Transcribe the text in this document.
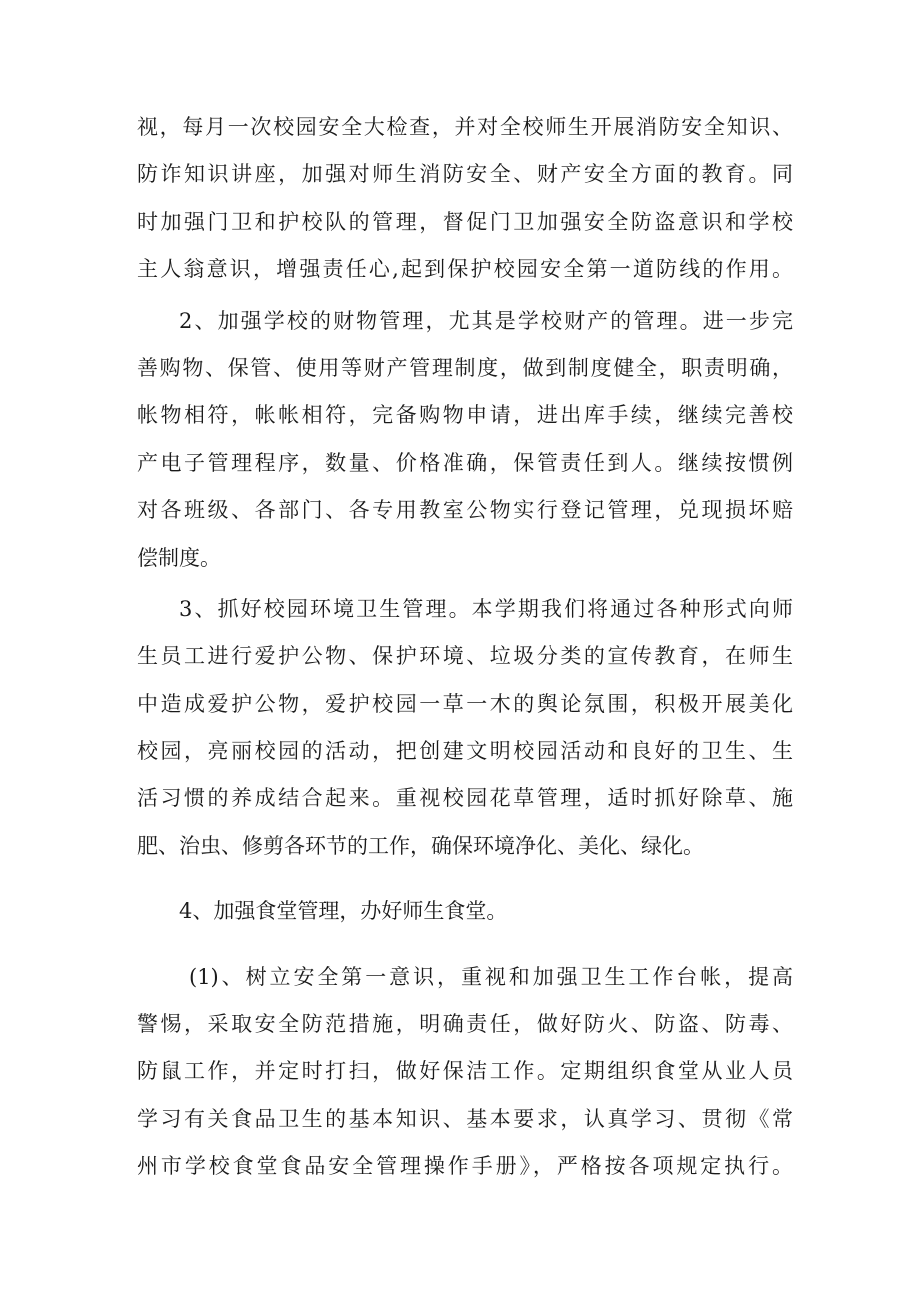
视，每月一次校园安全大检查，并对全校师生开展消防安全知识、
防诈知识讲座，加强对师生消防安全、财产安全方面的教育。同
时加强门卫和护校队的管理，督促门卫加强安全防盗意识和学校
主人翁意识，增强责任心,起到保护校园安全第一道防线的作用。
2、加强学校的财物管理，尤其是学校财产的管理。进一步完
善购物、保管、使用等财产管理制度，做到制度健全，职责明确，
帐物相符，帐帐相符，完备购物申请，进出库手续，继续完善校
产电子管理程序，数量、价格准确，保管责任到人。继续按惯例
对各班级、各部门、各专用教室公物实行登记管理，兑现损坏赔
偿制度。
3、抓好校园环境卫生管理。本学期我们将通过各种形式向师
生员工进行爱护公物、保护环境、垃圾分类的宣传教育，在师生
中造成爱护公物，爱护校园一草一木的舆论氛围，积极开展美化
校园，亮丽校园的活动，把创建文明校园活动和良好的卫生、生
活习惯的养成结合起来。重视校园花草管理，适时抓好除草、施
肥、治虫、修剪各环节的工作，确保环境净化、美化、绿化。
4、加强食堂管理，办好师生食堂。
(1)、树立安全第一意识，重视和加强卫生工作台帐，提高
警惕，采取安全防范措施，明确责任，做好防火、防盗、防毒、
防鼠工作，并定时打扫，做好保洁工作。定期组织食堂从业人员
学习有关食品卫生的基本知识、基本要求，认真学习、贯彻《常
州市学校食堂食品安全管理操作手册》，严格按各项规定执行。
